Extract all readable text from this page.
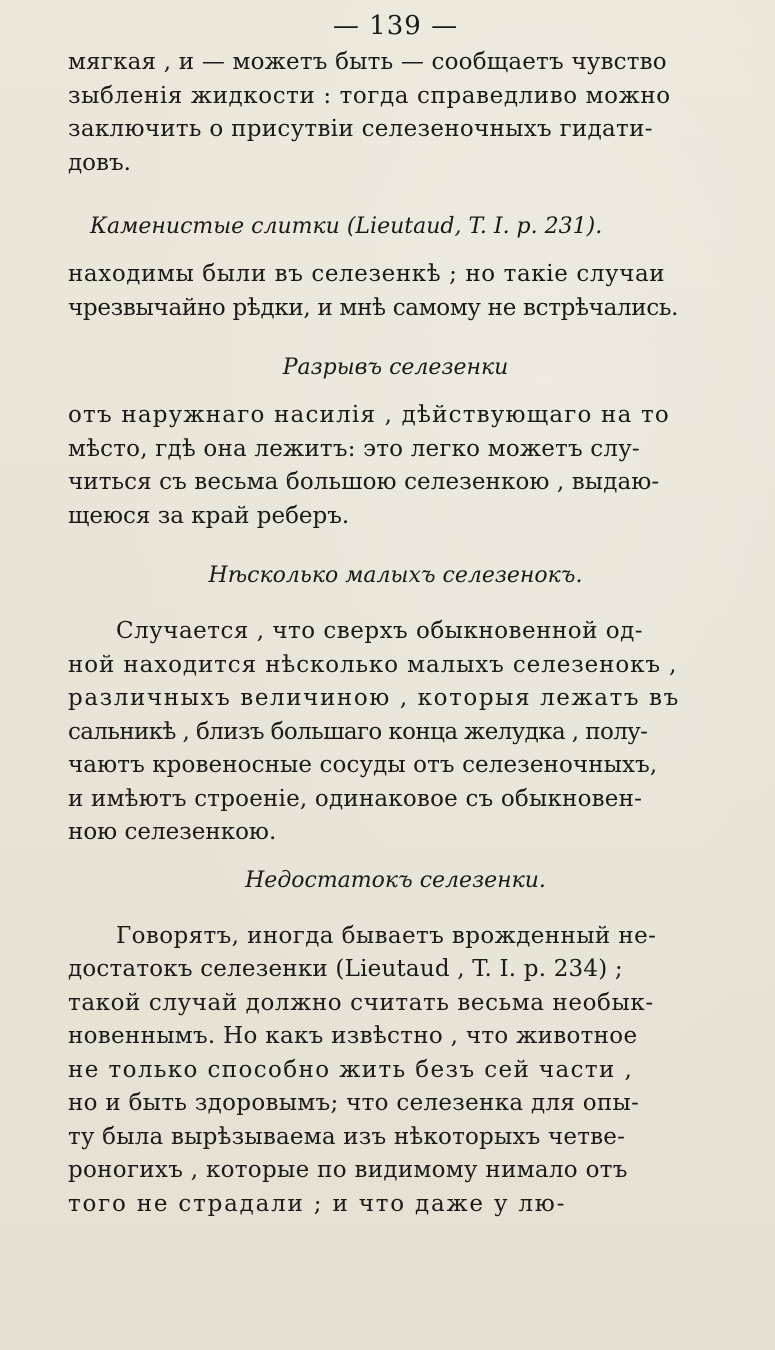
— 139 —
мягкая , и — можетъ быть — сообщаетъ чувство
зыбленія жидкости : тогда справедливо можно
заключить о присутвіи селезеночныхъ гидати-
довъ.
Каменистые слитки (Lieutaud, T. I. p. 231).
находимы были въ селезенкѣ ; но такіе случаи
чрезвычайно рѣдки, и мнѣ самому не встрѣчались.
Разрывъ селезенки
отъ наружнаго насилія , дѣйствующаго на то
мѣсто, гдѣ она лежитъ: это легко можетъ слу-
читься съ весьма большою селезенкою , выдаю-
щеюся за край реберъ.
Нѣсколько малыхъ селезенокъ.
Случается , что сверхъ обыкновенной од-
ной находится нѣсколько малыхъ селезенокъ ,
различныхъ величиною , которыя лежатъ въ
сальникѣ , близъ большаго конца желудка , полу-
чаютъ кровеносные сосуды отъ селезеночныхъ,
и имѣютъ строеніе, одинаковое съ обыкновен-
ною селезенкою.
Недостатокъ селезенки.
Говорятъ, иногда бываетъ врожденный не-
достатокъ селезенки (Lieutaud , T. I. p. 234) ;
такой случай должно считать весьма необык-
новеннымъ. Но какъ извѣстно , что животное
не только способно жить безъ сей части ,
но и быть здоровымъ; что селезенка для опы-
ту была вырѣзываема изъ нѣкоторыхъ четве-
роногихъ , которые по видимому нимало отъ
того не страдали ; и что даже у лю-
